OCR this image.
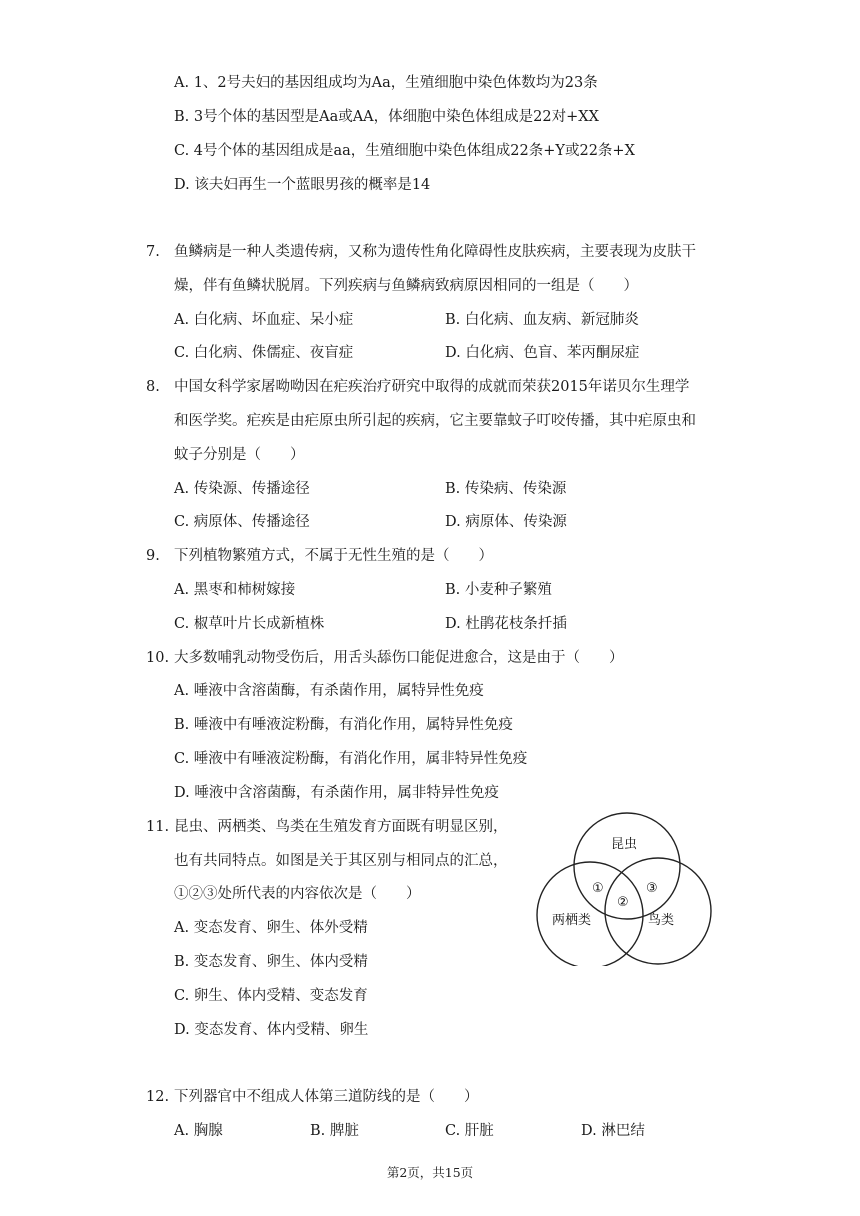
A. 1、2号夫妇的基因组成均为Aa，生殖细胞中染色体数均为23条
B. 3号个体的基因型是Aa或AA，体细胞中染色体组成是22对+XX
C. 4号个体的基因组成是aa，生殖细胞中染色体组成22条+Y或22条+X
D. 该夫妇再生一个蓝眼男孩的概率是14
7. 鱼鳞病是一种人类遗传病，又称为遗传性角化障碍性皮肤疾病，主要表现为皮肤干
燥，伴有鱼鳞状脱屑。下列疾病与鱼鳞病致病原因相同的一组是（　　）
A. 白化病、坏血症、呆小症	B. 白化病、血友病、新冠肺炎
C. 白化病、侏儒症、夜盲症	D. 白化病、色盲、苯丙酮尿症
8. 中国女科学家屠呦呦因在疟疾治疗研究中取得的成就而荣获2015年诺贝尔生理学
和医学奖。疟疾是由疟原虫所引起的疾病，它主要靠蚊子叮咬传播，其中疟原虫和
蚊子分别是（　　）
A. 传染源、传播途径	B. 传染病、传染源
C. 病原体、传播途径	D. 病原体、传染源
9. 下列植物繁殖方式，不属于无性生殖的是（　　）
A. 黑枣和柿树嫁接	B. 小麦种子繁殖
C. 椒草叶片长成新植株	D. 杜鹃花枝条扦插
10. 大多数哺乳动物受伤后，用舌头舔伤口能促进愈合，这是由于（　　）
A. 唾液中含溶菌酶，有杀菌作用，属特异性免疫
B. 唾液中有唾液淀粉酶，有消化作用，属特异性免疫
C. 唾液中有唾液淀粉酶，有消化作用，属非特异性免疫
D. 唾液中含溶菌酶，有杀菌作用，属非特异性免疫
11. 昆虫、两栖类、鸟类在生殖发育方面既有明显区别，
也有共同特点。如图是关于其区别与相同点的汇总，
①②③处所代表的内容依次是（　　）
A. 变态发育、卵生、体外受精
B. 变态发育、卵生、体内受精
C. 卵生、体内受精、变态发育
D. 变态发育、体内受精、卵生
昆虫
两栖类	鸟类
①
②
③
12. 下列器官中不组成人体第三道防线的是（　　）
A. 胸腺	B. 脾脏	C. 肝脏	D. 淋巴结
第2页，共15页
